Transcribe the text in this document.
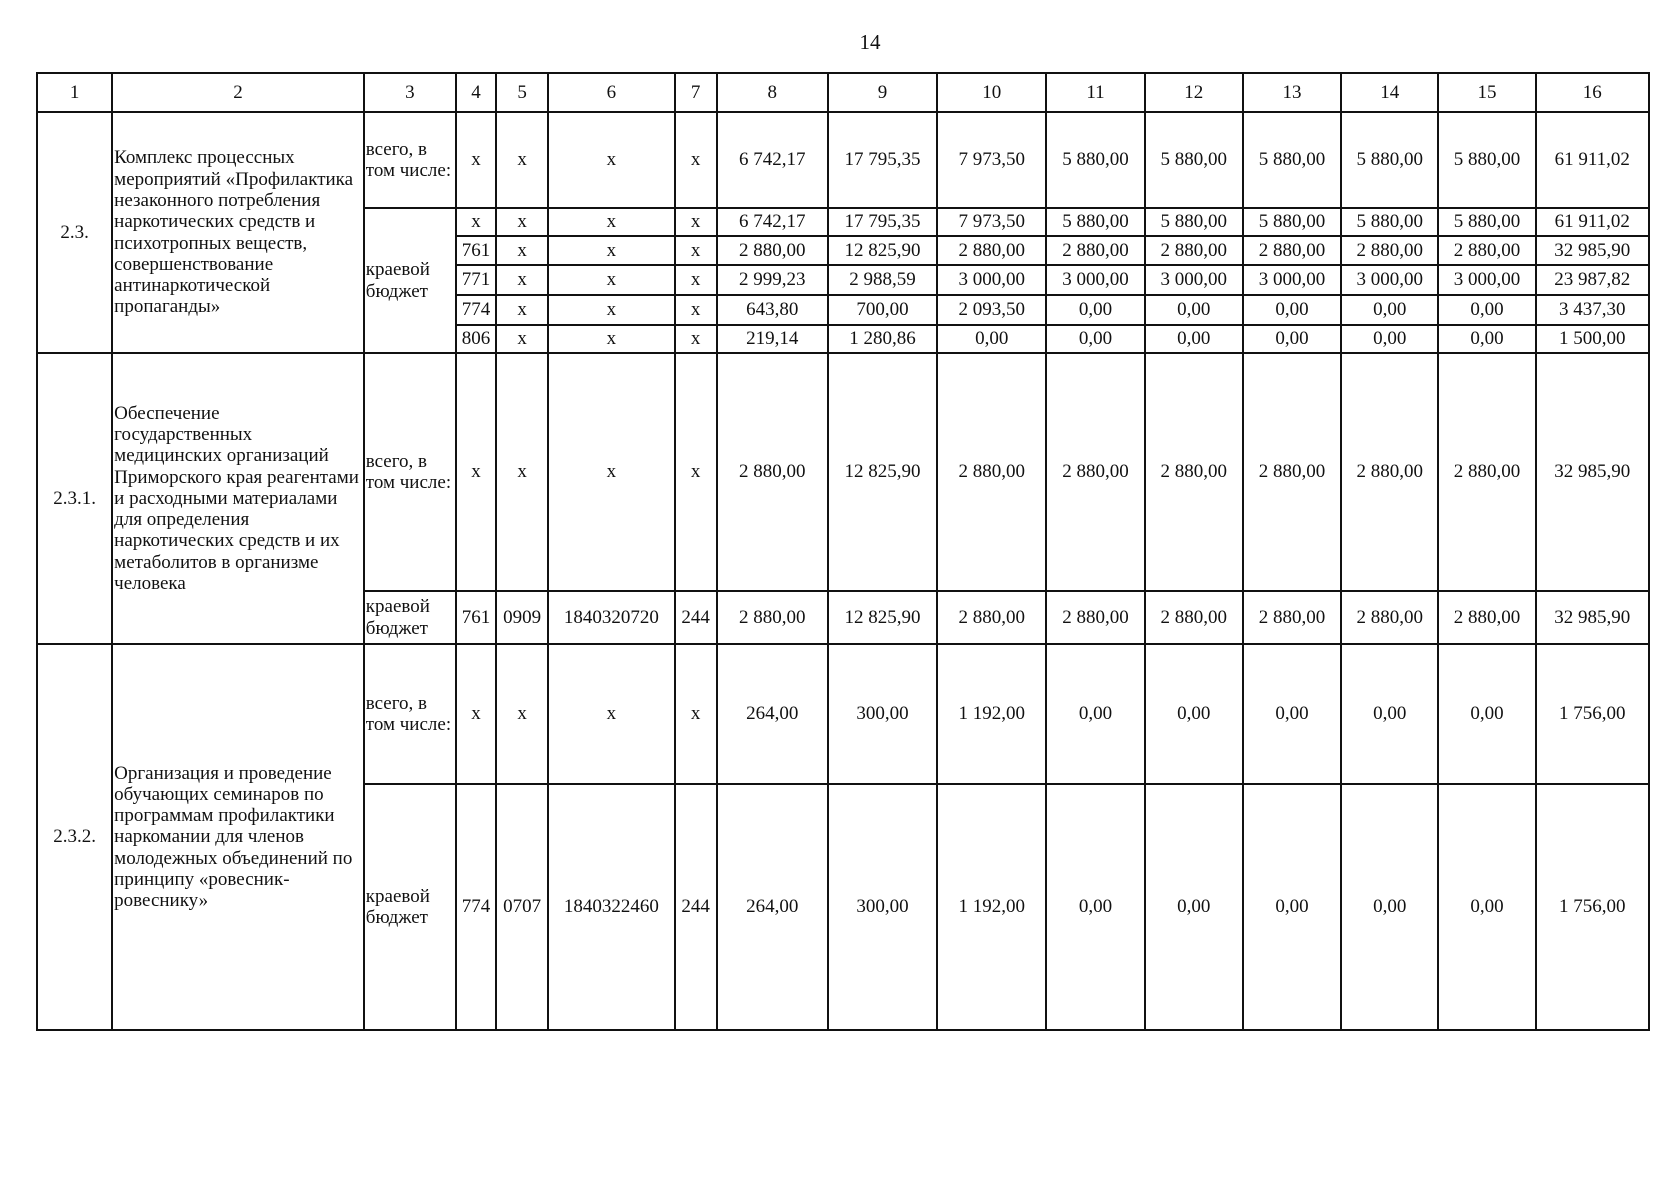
14
1	2	3	4	5	6	7	8	9	10	11	12	13	14	15	16
2.3.	Комплекс процессных мероприятий «Профилактика незаконного потребления наркотических средств и психотропных веществ, совершенствование антинаркотической пропаганды»	всего, в том числе:	x	x	x	x	6 742,17	17 795,35	7 973,50	5 880,00	5 880,00	5 880,00	5 880,00	5 880,00	61 911,02
		краевой бюджет	x	x	x	x	6 742,17	17 795,35	7 973,50	5 880,00	5 880,00	5 880,00	5 880,00	5 880,00	61 911,02
			761	x	x	x	2 880,00	12 825,90	2 880,00	2 880,00	2 880,00	2 880,00	2 880,00	2 880,00	32 985,90
			771	x	x	x	2 999,23	2 988,59	3 000,00	3 000,00	3 000,00	3 000,00	3 000,00	3 000,00	23 987,82
			774	x	x	x	643,80	700,00	2 093,50	0,00	0,00	0,00	0,00	0,00	3 437,30
			806	x	x	x	219,14	1 280,86	0,00	0,00	0,00	0,00	0,00	0,00	1 500,00
2.3.1.	Обеспечение государственных медицинских организаций Приморского края реагентами и расходными материалами для определения наркотических средств и их метаболитов в организме человека	всего, в том числе:	x	x	x	x	2 880,00	12 825,90	2 880,00	2 880,00	2 880,00	2 880,00	2 880,00	2 880,00	32 985,90
		краевой бюджет	761	0909	1840320720	244	2 880,00	12 825,90	2 880,00	2 880,00	2 880,00	2 880,00	2 880,00	2 880,00	32 985,90
2.3.2.	Организация и проведение обучающих семинаров по программам профилактики наркомании для членов молодежных объединений по принципу «ровесник-ровеснику»	всего, в том числе:	x	x	x	x	264,00	300,00	1 192,00	0,00	0,00	0,00	0,00	0,00	1 756,00
		краевой бюджет	774	0707	1840322460	244	264,00	300,00	1 192,00	0,00	0,00	0,00	0,00	0,00	1 756,00
